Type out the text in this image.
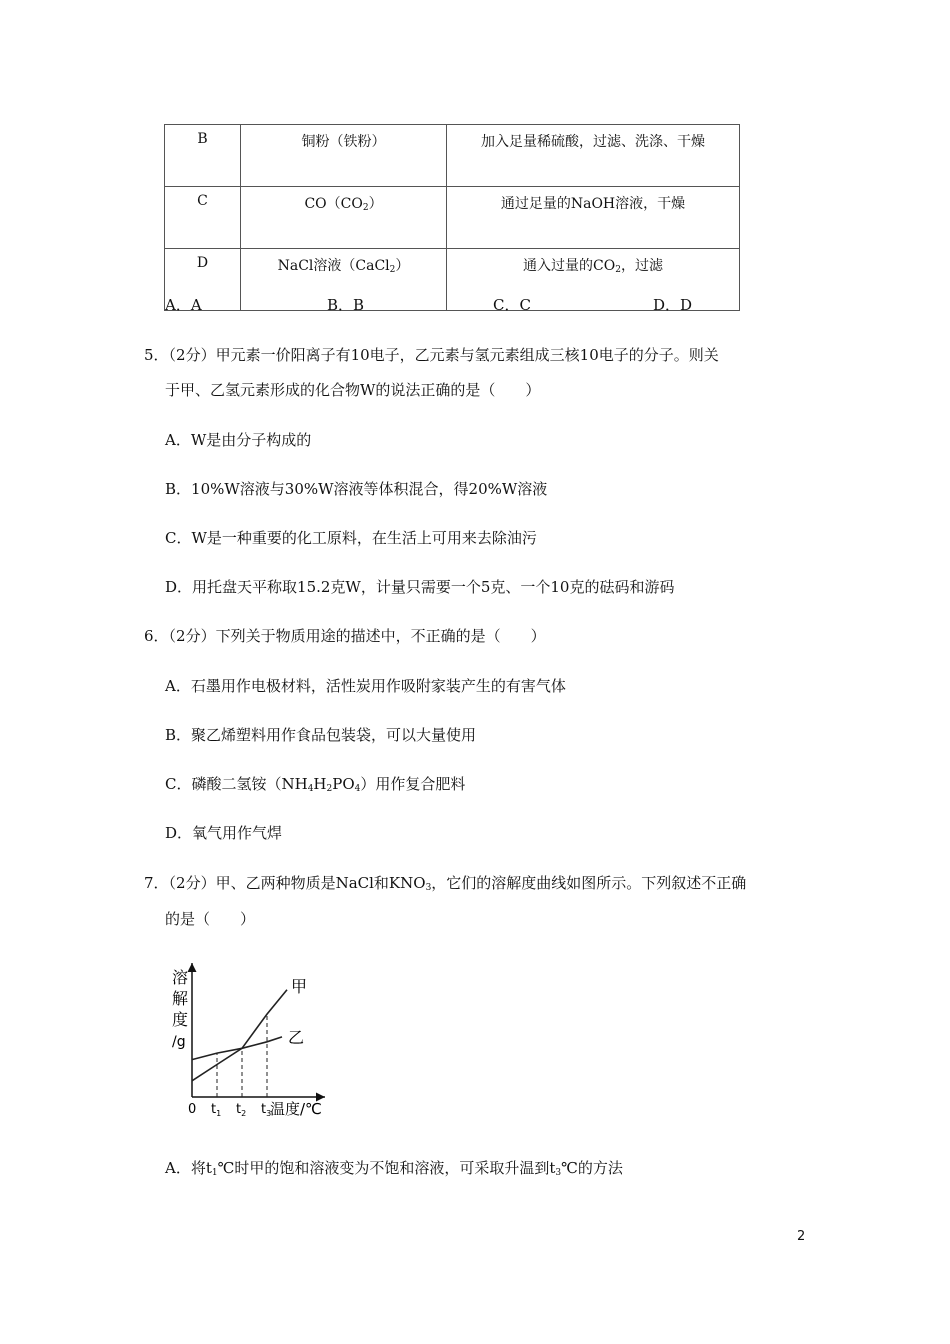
B	铜粉（铁粉）	加入足量稀硫酸，过滤、洗涤、干燥
C	$CO(CO_2)$	通过足量的NaOH溶液，干燥
D	NaCl溶液（CaCl$_2$）	通入过量的$CO_2$，过滤
A．A	B．B	C．C	D．D
5．（2分）甲元素一价阳离子有10电子，乙元素与氢元素组成三核10电子的分子。则关
于甲、乙氢元素形成的化合物W的说法正确的是（　　）
A．W是由分子构成的
B．10%W溶液与30%W溶液等体积混合，得20%W溶液
C．W是一种重要的化工原料，在生活上可用来去除油污
D．用托盘天平称取15.2克W，计量只需要一个5克、一个10克的砝码和游码
6．（2分）下列关于物质用途的描述中，不正确的是（　　）
A．石墨用作电极材料，活性炭用作吸附家装产生的有害气体
B．聚乙烯塑料用作食品包装袋，可以大量使用
C．磷酸二氢铵$(NH_4H_2PO_4)$用作复合肥料
D．氧气用作气焊
7．（2分）甲、乙两种物质是NaCl和$KNO_3$，它们的溶解度曲线如图所示。下列叙述不正确
的是（　　）
溶
解
度
/g
甲
乙
0 $t_1$ $t_2$ $t_3$
温度/℃
A．将$t_1℃$时甲的饱和溶液变为不饱和溶液，可采取升温到$t_3℃$的方法
2
